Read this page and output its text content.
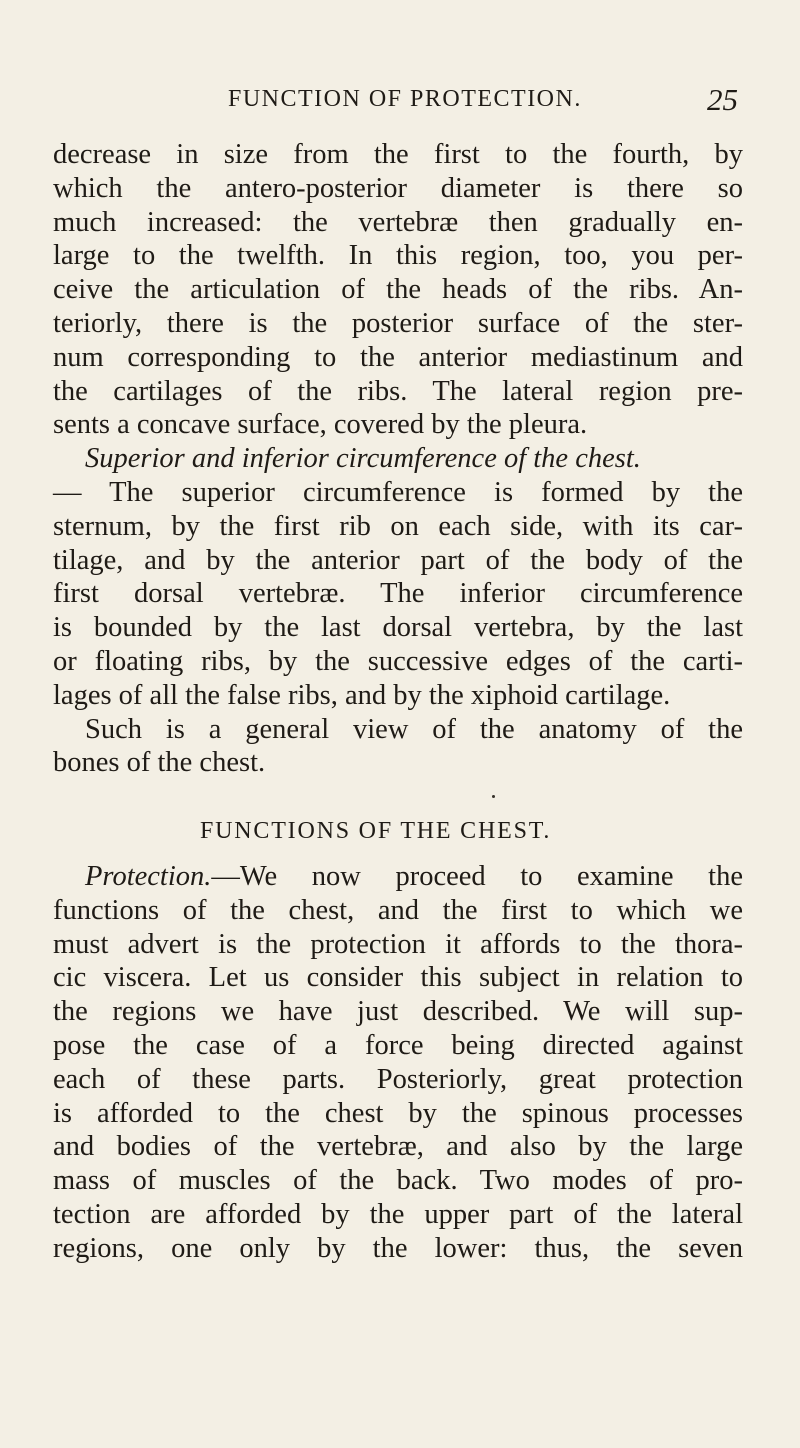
FUNCTION OF PROTECTION.	25
decrease in size from the first to the fourth, by
which the antero-posterior diameter is there so
much increased: the vertebræ then gradually en-
large to the twelfth. In this region, too, you per-
ceive the articulation of the heads of the ribs. An-
teriorly, there is the posterior surface of the ster-
num corresponding to the anterior mediastinum and
the cartilages of the ribs. The lateral region pre-
sents a concave surface, covered by the pleura.
Superior and inferior circumference of the chest.
— The superior circumference is formed by the
sternum, by the first rib on each side, with its car-
tilage, and by the anterior part of the body of the
first dorsal vertebræ. The inferior circumference
is bounded by the last dorsal vertebra, by the last
or floating ribs, by the successive edges of the carti-
lages of all the false ribs, and by the xiphoid cartilage.
Such is a general view of the anatomy of the
bones of the chest.
FUNCTIONS OF THE CHEST.
Protection.—We now proceed to examine the
functions of the chest, and the first to which we
must advert is the protection it affords to the thora-
cic viscera. Let us consider this subject in relation to
the regions we have just described. We will sup-
pose the case of a force being directed against
each of these parts. Posteriorly, great protection
is afforded to the chest by the spinous processes
and bodies of the vertebræ, and also by the large
mass of muscles of the back. Two modes of pro-
tection are afforded by the upper part of the lateral
regions, one only by the lower: thus, the seven
